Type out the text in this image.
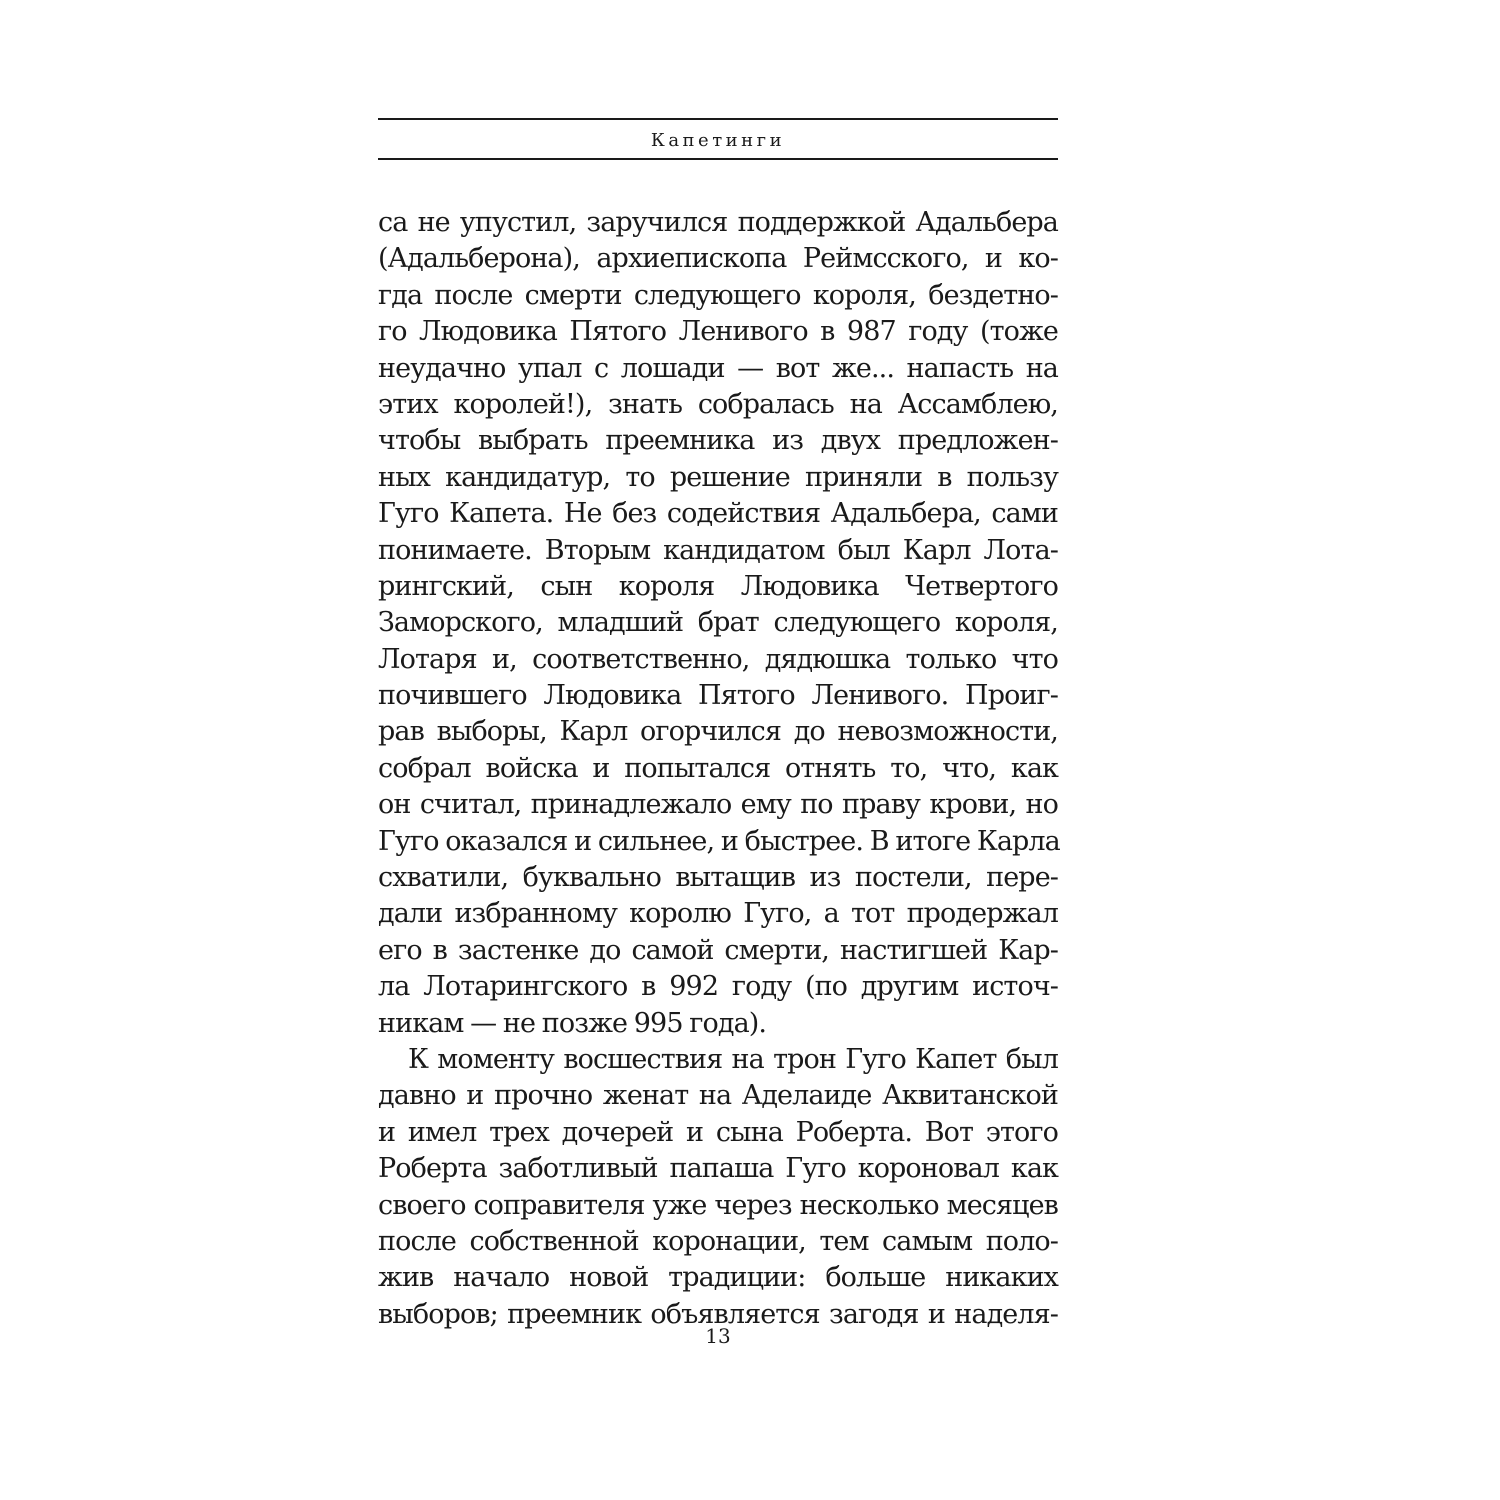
Капетинги
са не упустил, заручился поддержкой Адальбера
(Адальберона), архиепископа Реймсского, и ко-
гда после смерти следующего короля, бездетно-
го Людовика Пятого Ленивого в 987 году (тоже
неудачно упал с лошади — вот же... напасть на
этих королей!), знать собралась на Ассамблею,
чтобы выбрать преемника из двух предложен-
ных кандидатур, то решение приняли в пользу
Гуго Капета. Не без содействия Адальбера, сами
понимаете. Вторым кандидатом был Карл Лота-
рингский, сын короля Людовика Четвертого
Заморского, младший брат следующего короля,
Лотаря и, соответственно, дядюшка только что
почившего Людовика Пятого Ленивого. Проиг-
рав выборы, Карл огорчился до невозможности,
собрал войска и попытался отнять то, что, как
он считал, принадлежало ему по праву крови, но
Гуго оказался и сильнее, и быстрее. В итоге Карла
схватили, буквально вытащив из постели, пере-
дали избранному королю Гуго, а тот продержал
его в застенке до самой смерти, настигшей Кар-
ла Лотарингского в 992 году (по другим источ-
никам — не позже 995 года).
К моменту восшествия на трон Гуго Капет был
давно и прочно женат на Аделаиде Аквитанской
и имел трех дочерей и сына Роберта. Вот этого
Роберта заботливый папаша Гуго короновал как
своего соправителя уже через несколько месяцев
после собственной коронации, тем самым поло-
жив начало новой традиции: больше никаких
выборов; преемник объявляется загодя и наделя-
13
